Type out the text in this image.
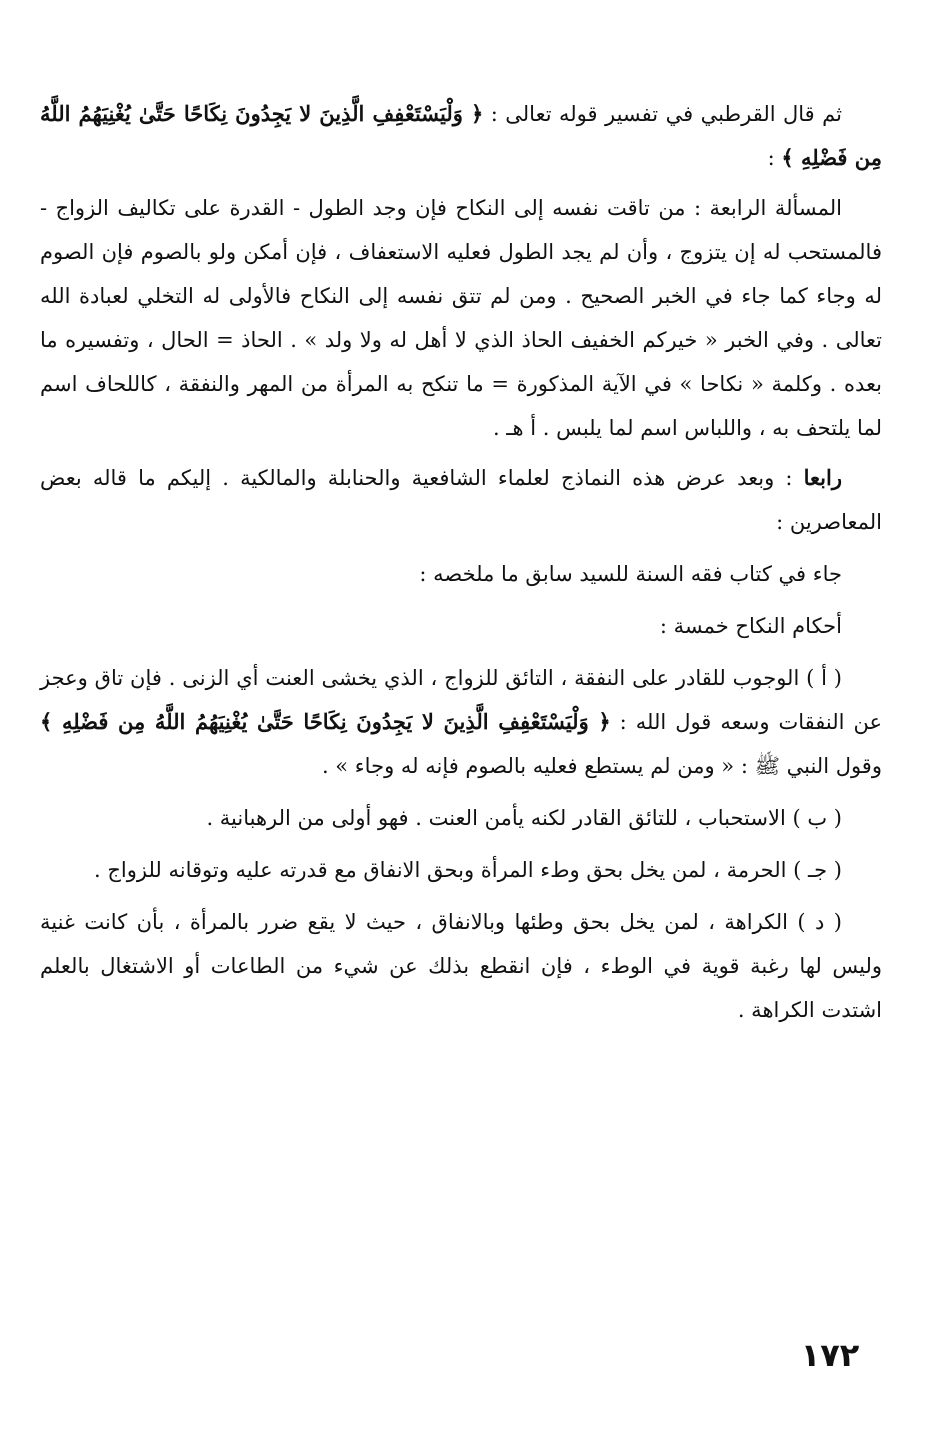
ثم قال القرطبي في تفسير قوله تعالى : ﴿ وَلْيَسْتَعْفِفِ الَّذِينَ لا يَجِدُونَ نِكَاحًا حَتَّىٰ يُغْنِيَهُمُ اللَّهُ مِن فَضْلِهِ ﴾ :

المسألة الرابعة : من تاقت نفسه إلى النكاح فإن وجد الطول - القدرة على تكاليف الزواج - فالمستحب له إن يتزوج ، وأن لم يجد الطول فعليه الاستعفاف ، فإن أمكن ولو بالصوم فإن الصوم له وجاء كما جاء في الخبر الصحيح . ومن لم تتق نفسه إلى النكاح فالأولى له التخلي لعبادة الله تعالى . وفي الخبر « خيركم الخفيف الحاذ الذي لا أهل له ولا ولد » . الحاذ = الحال ، وتفسيره ما بعده . وكلمة « نكاحا » في الآية المذكورة = ما تنكح به المرأة من المهر والنفقة ، كاللحاف اسم لما يلتحف به ، واللباس اسم لما يلبس . أ هـ .

رابعا : وبعد عرض هذه النماذج لعلماء الشافعية والحنابلة والمالكية . إليكم ما قاله بعض المعاصرين :

جاء في كتاب فقه السنة للسيد سابق ما ملخصه :

أحكام النكاح خمسة :

( أ ) الوجوب للقادر على النفقة ، التائق للزواج ، الذي يخشى العنت أي الزنى . فإن تاق وعجز عن النفقات وسعه قول الله : ﴿ وَلْيَسْتَعْفِفِ الَّذِينَ لا يَجِدُونَ نِكَاحًا حَتَّىٰ يُغْنِيَهُمُ اللَّهُ مِن فَضْلِهِ ﴾ وقول النبي ﷺ : « ومن لم يستطع فعليه بالصوم فإنه له وجاء » .

( ب ) الاستحباب ، للتائق القادر لكنه يأمن العنت . فهو أولى من الرهبانية .

( جـ ) الحرمة ، لمن يخل بحق وطء المرأة وبحق الانفاق مع قدرته عليه وتوقانه للزواج .

( د ) الكراهة ، لمن يخل بحق وطئها وبالانفاق ، حيث لا يقع ضرر بالمرأة ، بأن كانت غنية وليس لها رغبة قوية في الوطء ، فإن انقطع بذلك عن شيء من الطاعات أو الاشتغال بالعلم اشتدت الكراهة .

١٧٢
